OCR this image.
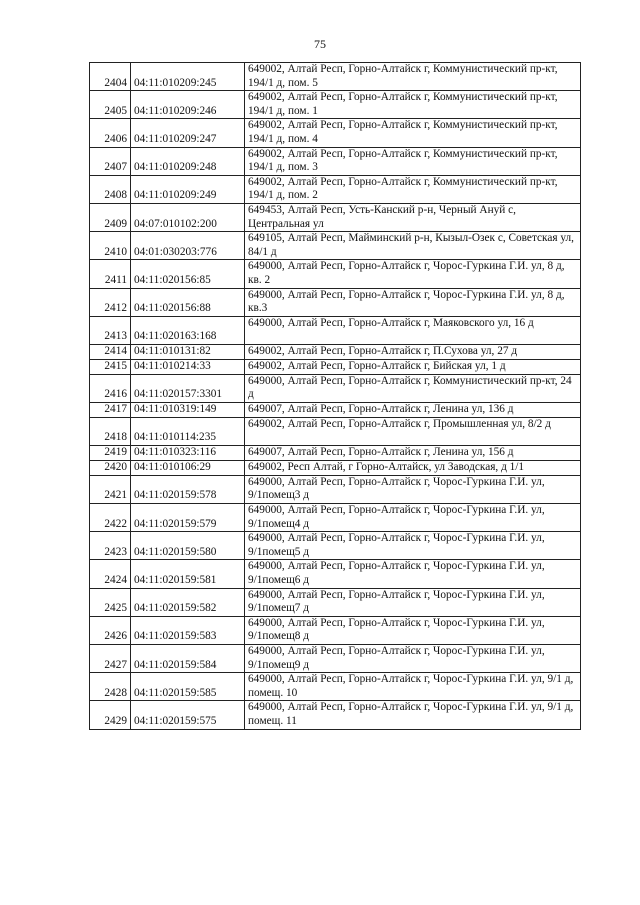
75
2404	04:11:010209:245	649002, Алтай Респ, Горно-Алтайск г, Коммунистический пр-кт, 194/1 д, пом. 5
2405	04:11:010209:246	649002, Алтай Респ, Горно-Алтайск г, Коммунистический пр-кт, 194/1 д, пом. 1
2406	04:11:010209:247	649002, Алтай Респ, Горно-Алтайск г, Коммунистический пр-кт, 194/1 д, пом. 4
2407	04:11:010209:248	649002, Алтай Респ, Горно-Алтайск г, Коммунистический пр-кт, 194/1 д, пом. 3
2408	04:11:010209:249	649002, Алтай Респ, Горно-Алтайск г, Коммунистический пр-кт, 194/1 д, пом. 2
2409	04:07:010102:200	649453, Алтай Респ, Усть-Канский р-н, Черный Ануй с, Центральная ул
2410	04:01:030203:776	649105, Алтай Респ, Майминский р-н, Кызыл-Озек с, Советская ул, 84/1 д
2411	04:11:020156:85	649000, Алтай Респ, Горно-Алтайск г, Чорос-Гуркина Г.И. ул, 8 д, кв. 2
2412	04:11:020156:88	649000, Алтай Респ, Горно-Алтайск г, Чорос-Гуркина Г.И. ул, 8 д, кв.3
2413	04:11:020163:168	649000, Алтай Респ, Горно-Алтайск г, Маяковского ул, 16 д
2414	04:11:010131:82	649002, Алтай Респ, Горно-Алтайск г, П.Сухова ул, 27 д
2415	04:11:010214:33	649002, Алтай Респ, Горно-Алтайск г, Бийская ул, 1 д
2416	04:11:020157:3301	649000, Алтай Респ, Горно-Алтайск г, Коммунистический пр-кт, 24 д
2417	04:11:010319:149	649007, Алтай Респ, Горно-Алтайск г, Ленина ул, 136 д
2418	04:11:010114:235	649002, Алтай Респ, Горно-Алтайск г, Промышленная ул, 8/2 д
2419	04:11:010323:116	649007, Алтай Респ, Горно-Алтайск г, Ленина ул, 156 д
2420	04:11:010106:29	649002, Респ Алтай, г Горно-Алтайск, ул Заводская, д 1/1
2421	04:11:020159:578	649000, Алтай Респ, Горно-Алтайск г, Чорос-Гуркина Г.И. ул, 9/1помещ3 д
2422	04:11:020159:579	649000, Алтай Респ, Горно-Алтайск г, Чорос-Гуркина Г.И. ул, 9/1помещ4 д
2423	04:11:020159:580	649000, Алтай Респ, Горно-Алтайск г, Чорос-Гуркина Г.И. ул, 9/1помещ5 д
2424	04:11:020159:581	649000, Алтай Респ, Горно-Алтайск г, Чорос-Гуркина Г.И. ул, 9/1помещ6 д
2425	04:11:020159:582	649000, Алтай Респ, Горно-Алтайск г, Чорос-Гуркина Г.И. ул, 9/1помещ7 д
2426	04:11:020159:583	649000, Алтай Респ, Горно-Алтайск г, Чорос-Гуркина Г.И. ул, 9/1помещ8 д
2427	04:11:020159:584	649000, Алтай Респ, Горно-Алтайск г, Чорос-Гуркина Г.И. ул, 9/1помещ9 д
2428	04:11:020159:585	649000, Алтай Респ, Горно-Алтайск г, Чорос-Гуркина Г.И. ул, 9/1 д, помещ. 10
2429	04:11:020159:575	649000, Алтай Респ, Горно-Алтайск г, Чорос-Гуркина Г.И. ул, 9/1 д, помещ. 11
